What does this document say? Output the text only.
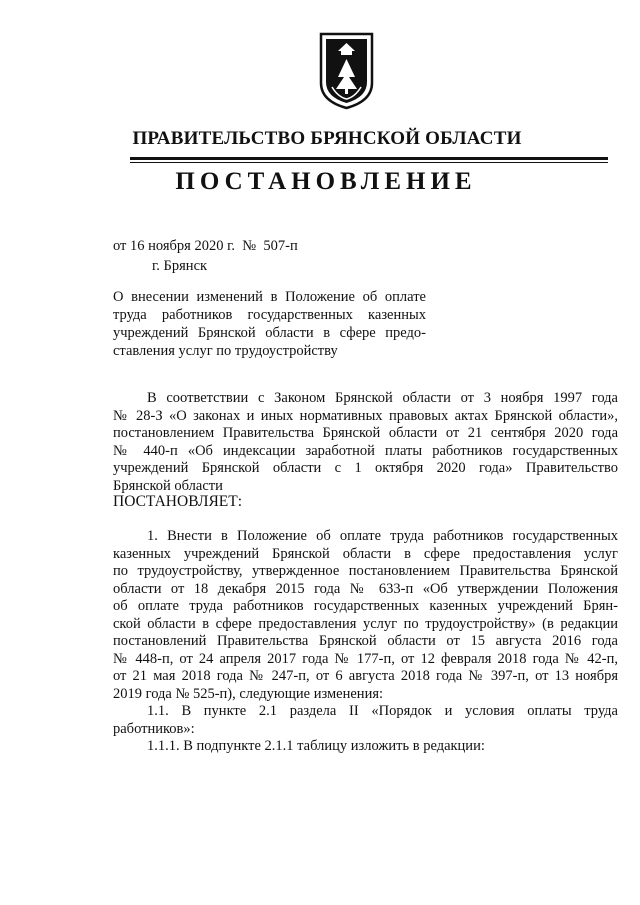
ПРАВИТЕЛЬСТВО БРЯНСКОЙ ОБЛАСТИ
ПОСТАНОВЛЕНИЕ
от 16 ноября 2020 г.  №  507-п
г. Брянск
О внесении изменений в Положение об оплате
труда работников государственных казенных
учреждений Брянской области в сфере предо-
ставления услуг по трудоустройству
В соответствии с Законом Брянской области от 3 ноября 1997 года
№ 28-З «О законах и иных нормативных правовых актах Брянской области»,
постановлением Правительства Брянской области от 21 сентября 2020 года
№ 440-п «Об индексации заработной платы работников государственных
учреждений Брянской области с 1 октября 2020 года» Правительство
Брянской области
ПОСТАНОВЛЯЕТ:
1. Внести в Положение об оплате труда работников государственных
казенных учреждений Брянской области в сфере предоставления услуг
по трудоустройству, утвержденное постановлением Правительства Брянской
области от 18 декабря 2015 года № 633-п «Об утверждении Положения
об оплате труда работников государственных казенных учреждений Брян-
ской области в сфере предоставления услуг по трудоустройству» (в редакции
постановлений Правительства Брянской области от 15 августа 2016 года
№ 448-п, от 24 апреля 2017 года № 177-п, от 12 февраля 2018 года № 42-п,
от 21 мая 2018 года № 247-п, от 6 августа 2018 года № 397-п, от 13 ноября
2019 года № 525-п), следующие изменения:
1.1. В пункте 2.1 раздела II «Порядок и условия оплаты труда
работников»:
1.1.1. В подпункте 2.1.1 таблицу изложить в редакции:
